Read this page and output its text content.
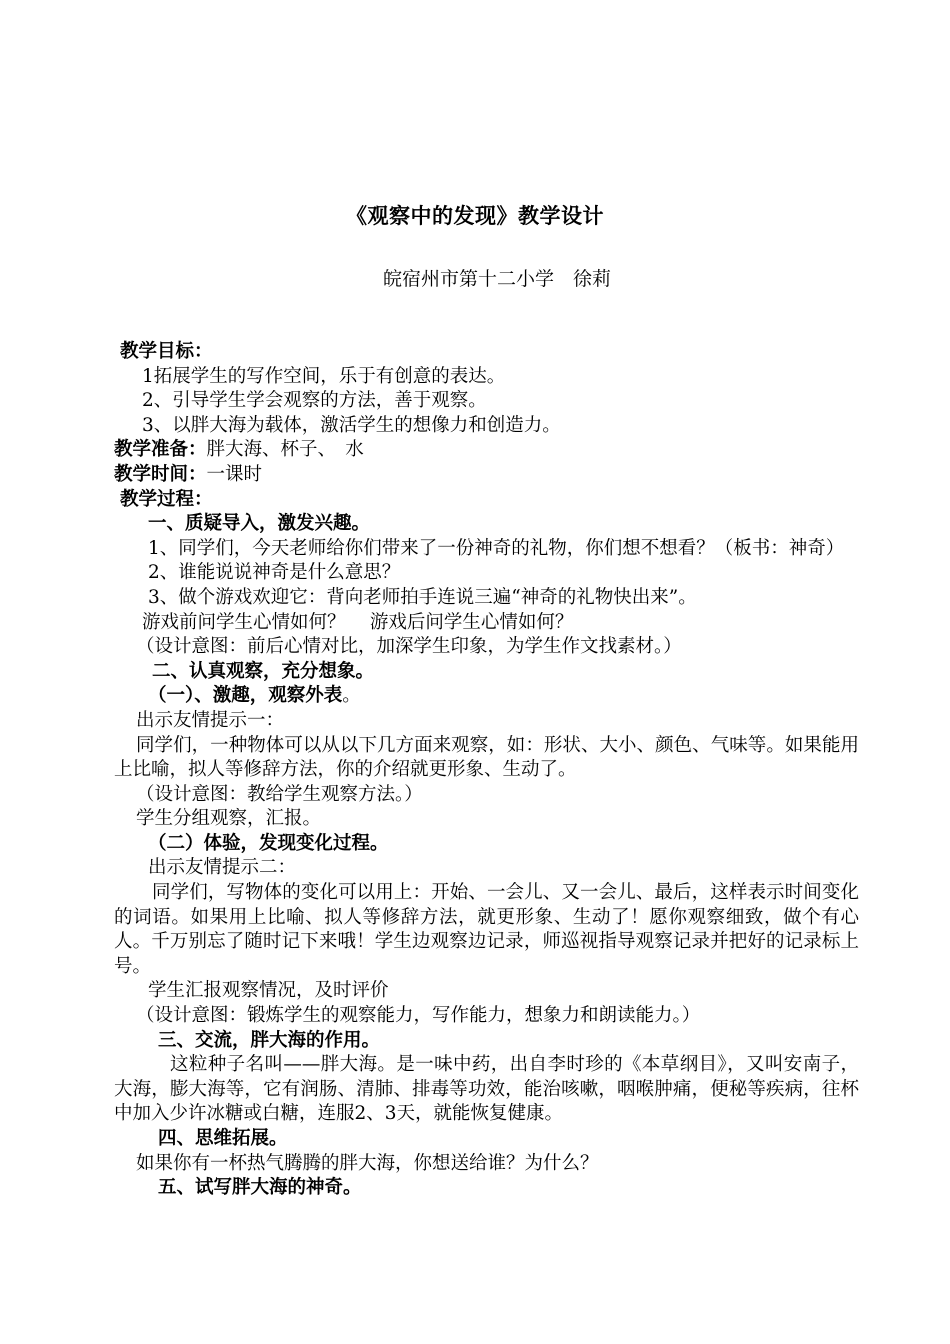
《观察中的发现》教学设计
皖宿州市第十二小学　徐莉

教学目标：

1拓展学生的写作空间，乐于有创意的表达。

2、引导学生学会观察的方法，善于观察。

3、以胖大海为载体，激活学生的想像力和创造力。

教学准备：胖大海、杯子、　水

教学时间：一课时

教学过程：

一、质疑导入，激发兴趣。

1、同学们，今天老师给你们带来了一份神奇的礼物，你们想不想看？（板书：神奇）

2、谁能说说神奇是什么意思？

3、做个游戏欢迎它：背向老师拍手连说三遍“神奇的礼物快出来”。

游戏前问学生心情如何？　 游戏后问学生心情如何？

（设计意图：前后心情对比，加深学生印象，为学生作文找素材。）

二、认真观察，充分想象。

（一）、激趣，观察外表。

出示友情提示一：

同学们，一种物体可以从以下几方面来观察，如：形状、大小、颜色、气味等。如果能用上比喻，拟人等修辞方法，你的介绍就更形象、生动了。

（设计意图：教给学生观察方法。）

学生分组观察，汇报。

（二）体验，发现变化过程。

出示友情提示二：

同学们，写物体的变化可以用上：开始、一会儿、又一会儿、最后，这样表示时间变化的词语。如果用上比喻、拟人等修辞方法，就更形象、生动了！愿你观察细致，做个有心人。千万别忘了随时记下来哦！学生边观察边记录，师巡视指导观察记录并把好的记录标上号。

学生汇报观察情况，及时评价

（设计意图：锻炼学生的观察能力，写作能力，想象力和朗读能力。）

三、交流，胖大海的作用。

这粒种子名叫——胖大海。是一味中药，出自李时珍的《本草纲目》，又叫安南子，大海，膨大海等，它有润肠、清肺、排毒等功效，能治咳嗽，咽喉肿痛，便秘等疾病，往杯中加入少许冰糖或白糖，连服2、3天，就能恢复健康。

四、思维拓展。

如果你有一杯热气腾腾的胖大海，你想送给谁？为什么？

五、试写胖大海的神奇。
